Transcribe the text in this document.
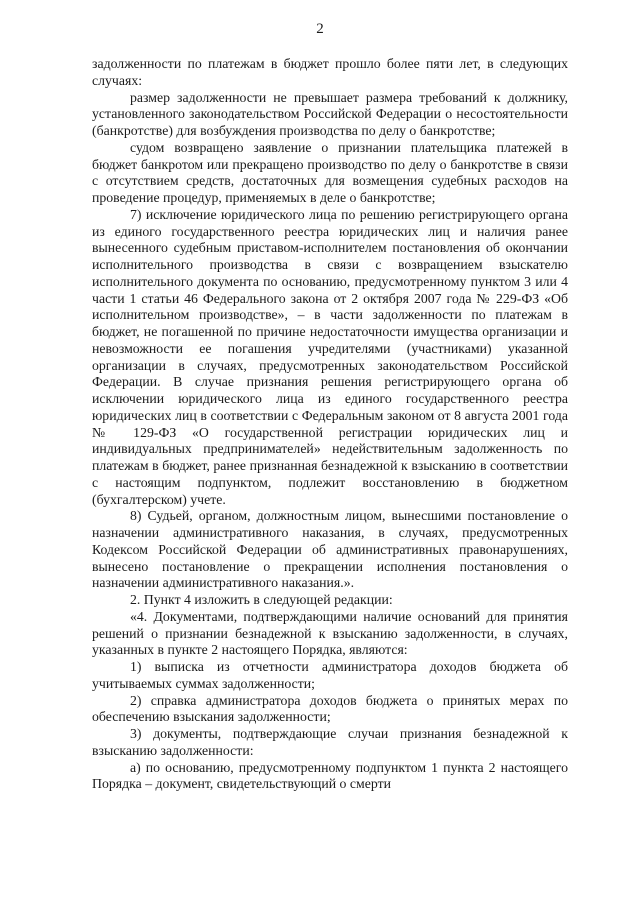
2

задолженности по платежам в бюджет прошло более пяти лет, в следующих случаях:

размер задолженности не превышает размера требований к должнику, установленного законодательством Российской Федерации о несостоятельности (банкротстве) для возбуждения производства по делу о банкротстве;

судом возвращено заявление о признании плательщика платежей в бюджет банкротом или прекращено производство по делу о банкротстве в связи с отсутствием средств, достаточных для возмещения судебных расходов на проведение процедур, применяемых в деле о банкротстве;

7) исключение юридического лица по решению регистрирующего органа из единого государственного реестра юридических лиц и наличия ранее вынесенного судебным приставом-исполнителем постановления об окончании исполнительного производства в связи с возвращением взыскателю исполнительного документа по основанию, предусмотренному пунктом 3 или 4 части 1 статьи 46 Федерального закона от 2 октября 2007 года № 229-ФЗ «Об исполнительном производстве», – в части задолженности по платежам в бюджет, не погашенной по причине недостаточности имущества организации и невозможности ее погашения учредителями (участниками) указанной организации в случаях, предусмотренных законодательством Российской Федерации. В случае признания решения регистрирующего органа об исключении юридического лица из единого государственного реестра юридических лиц в соответствии с Федеральным законом от 8 августа 2001 года № 129-ФЗ «О государственной регистрации юридических лиц и индивидуальных предпринимателей» недействительным задолженность по платежам в бюджет, ранее признанная безнадежной к взысканию в соответствии с настоящим подпунктом, подлежит восстановлению в бюджетном (бухгалтерском) учете.

8) Судьей, органом, должностным лицом, вынесшими постановление о назначении административного наказания, в случаях, предусмотренных Кодексом Российской Федерации об административных правонарушениях, вынесено постановление о прекращении исполнения постановления о назначении административного наказания.».

2. Пункт 4 изложить в следующей редакции:

«4. Документами, подтверждающими наличие оснований для принятия решений о признании безнадежной к взысканию задолженности, в случаях, указанных в пункте 2 настоящего Порядка, являются:

1) выписка из отчетности администратора доходов бюджета об учитываемых суммах задолженности;

2) справка администратора доходов бюджета о принятых мерах по обеспечению взыскания задолженности;

3) документы, подтверждающие случаи признания безнадежной к взысканию задолженности:

а) по основанию, предусмотренному подпунктом 1 пункта 2 настоящего Порядка – документ, свидетельствующий о смерти
